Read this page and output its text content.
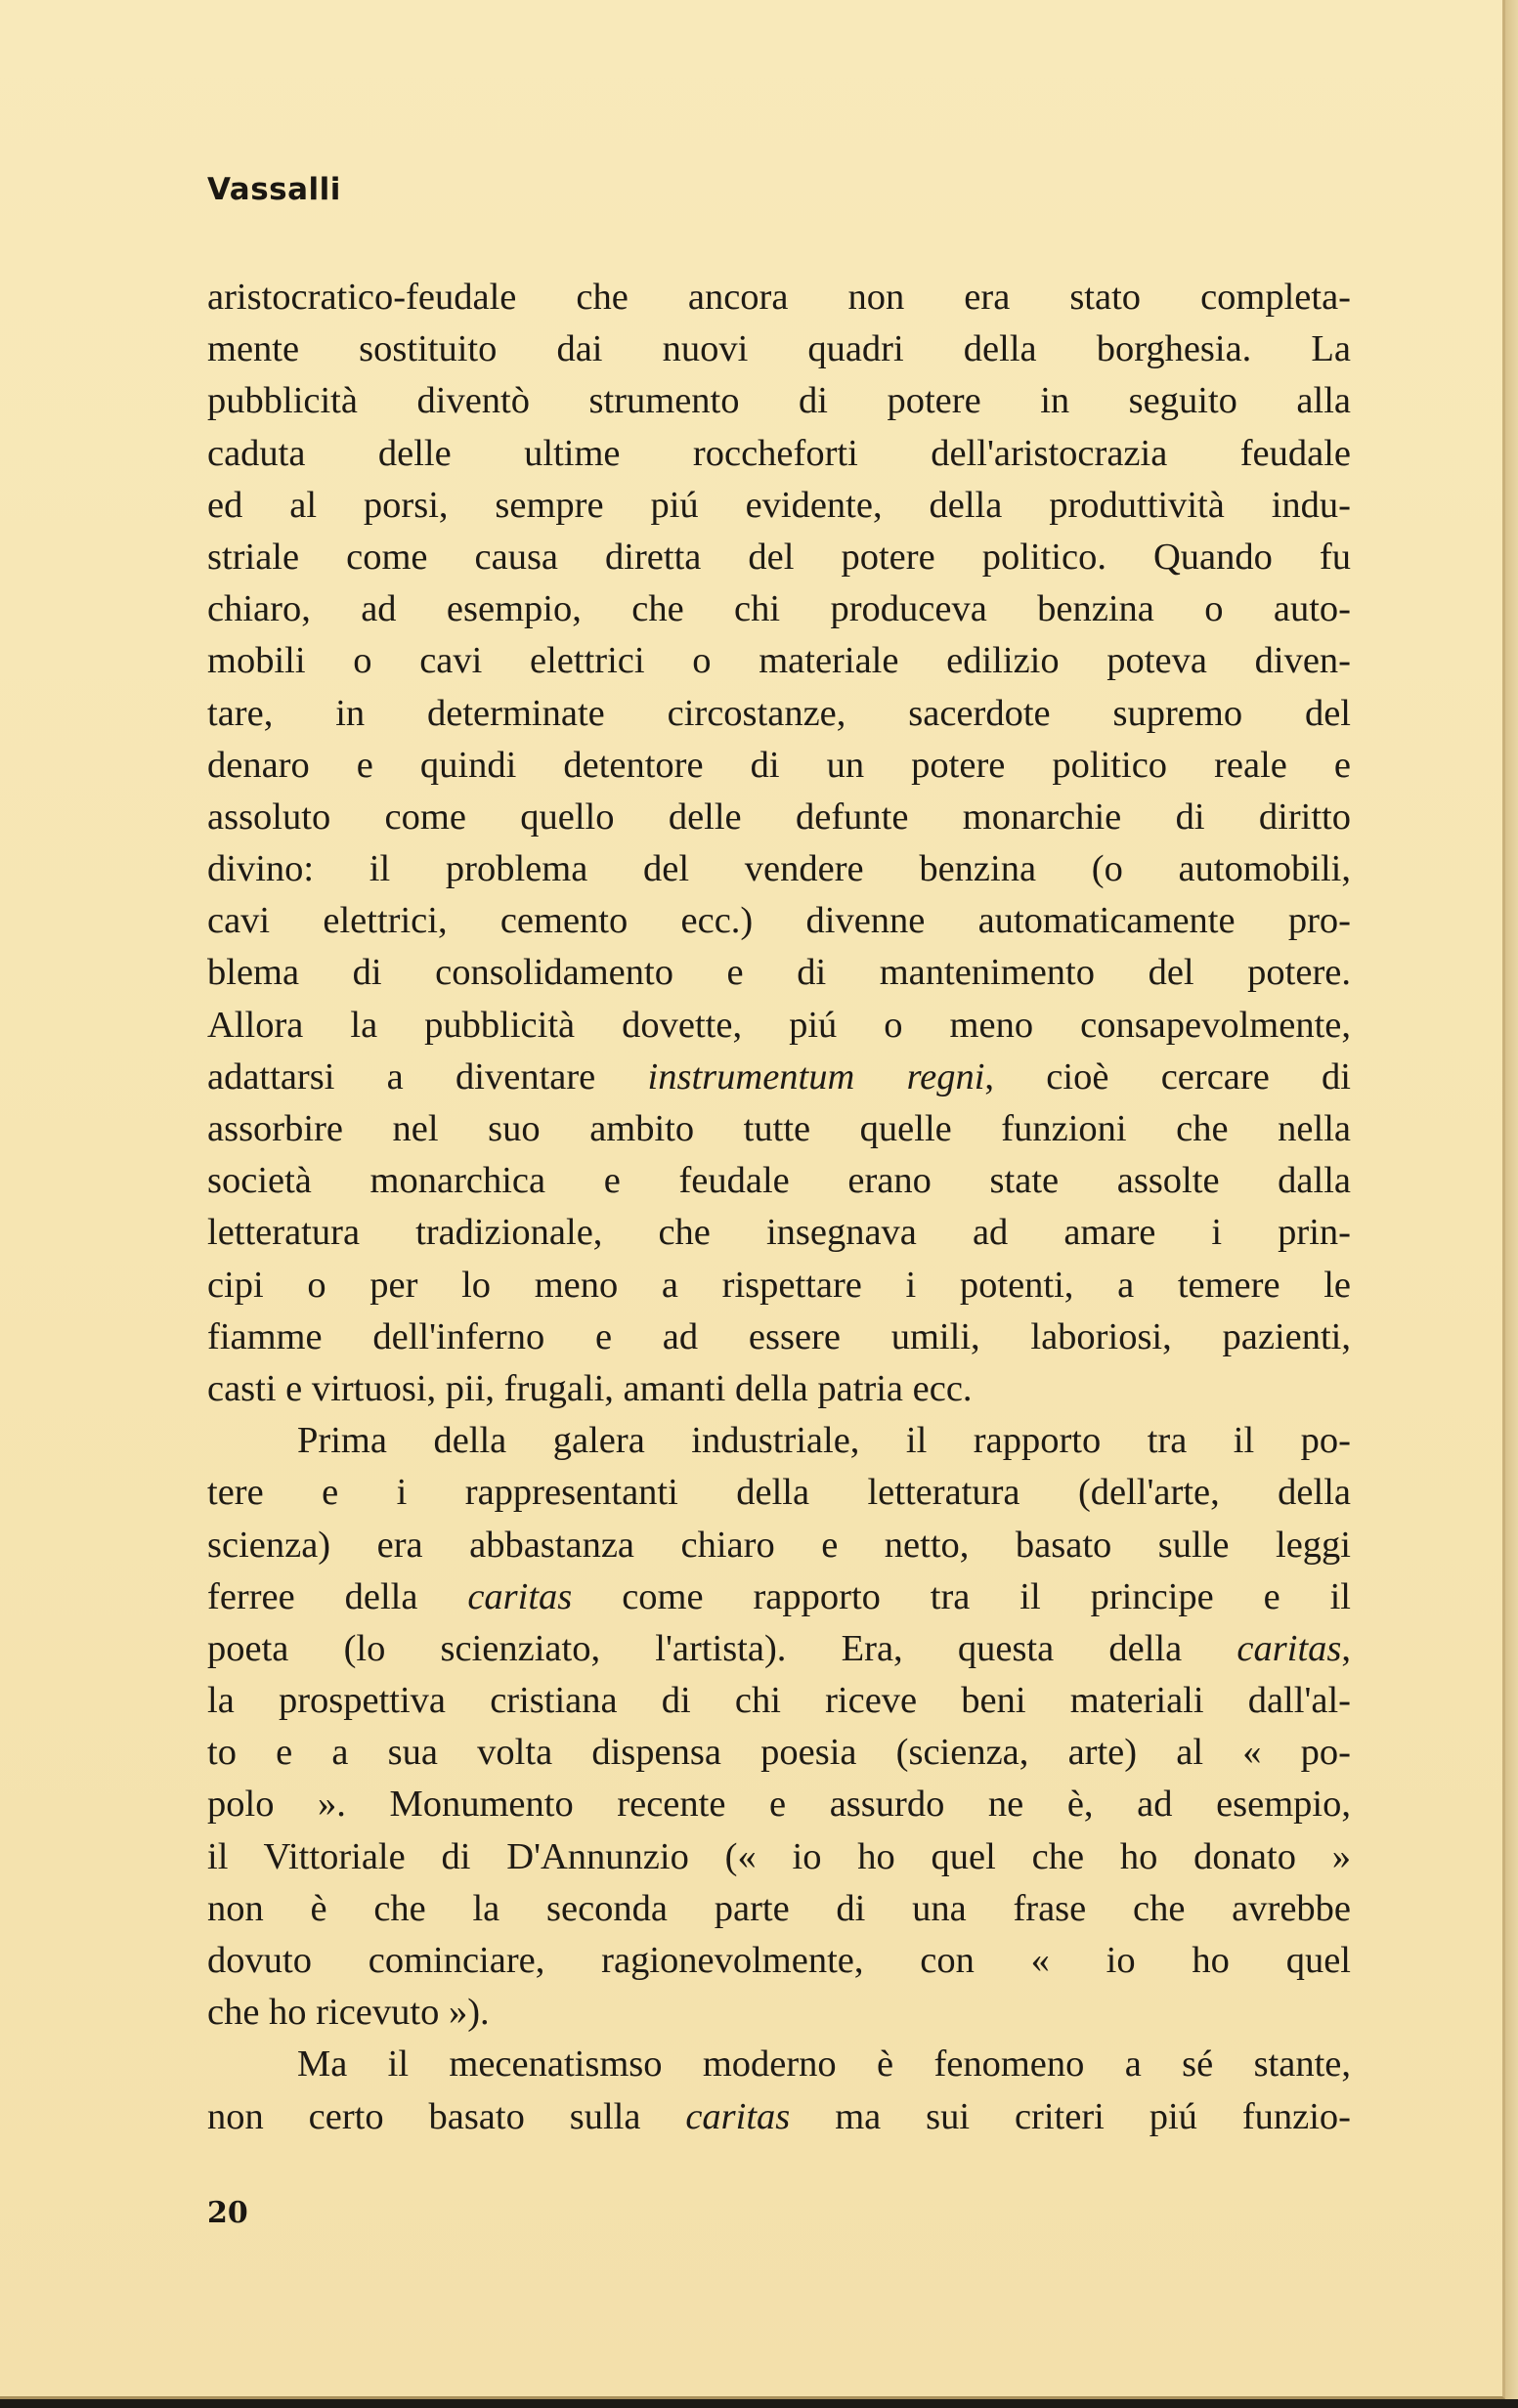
Vassalli
aristocratico-feudale che ancora non era stato completa-
mente sostituito dai nuovi quadri della borghesia. La
pubblicità diventò strumento di potere in seguito alla
caduta delle ultime roccheforti dell'aristocrazia feudale
ed al porsi, sempre piú evidente, della produttività indu-
striale come causa diretta del potere politico. Quando fu
chiaro, ad esempio, che chi produceva benzina o auto-
mobili o cavi elettrici o materiale edilizio poteva diven-
tare, in determinate circostanze, sacerdote supremo del
denaro e quindi detentore di un potere politico reale e
assoluto come quello delle defunte monarchie di diritto
divino: il problema del vendere benzina (o automobili,
cavi elettrici, cemento ecc.) divenne automaticamente pro-
blema di consolidamento e di mantenimento del potere.
Allora la pubblicità dovette, piú o meno consapevolmente,
adattarsi a diventare instrumentum regni, cioè cercare di
assorbire nel suo ambito tutte quelle funzioni che nella
società monarchica e feudale erano state assolte dalla
letteratura tradizionale, che insegnava ad amare i prin-
cipi o per lo meno a rispettare i potenti, a temere le
fiamme dell'inferno e ad essere umili, laboriosi, pazienti,
casti e virtuosi, pii, frugali, amanti della patria ecc.
Prima della galera industriale, il rapporto tra il po-
tere e i rappresentanti della letteratura (dell'arte, della
scienza) era abbastanza chiaro e netto, basato sulle leggi
ferree della caritas come rapporto tra il principe e il
poeta (lo scienziato, l'artista). Era, questa della caritas,
la prospettiva cristiana di chi riceve beni materiali dall'al-
to e a sua volta dispensa poesia (scienza, arte) al « po-
polo ». Monumento recente e assurdo ne è, ad esempio,
il Vittoriale di D'Annunzio (« io ho quel che ho donato »
non è che la seconda parte di una frase che avrebbe
dovuto cominciare, ragionevolmente, con « io ho quel
che ho ricevuto »).
Ma il mecenatismso moderno è fenomeno a sé stante,
non certo basato sulla caritas ma sui criteri piú funzio-
20
